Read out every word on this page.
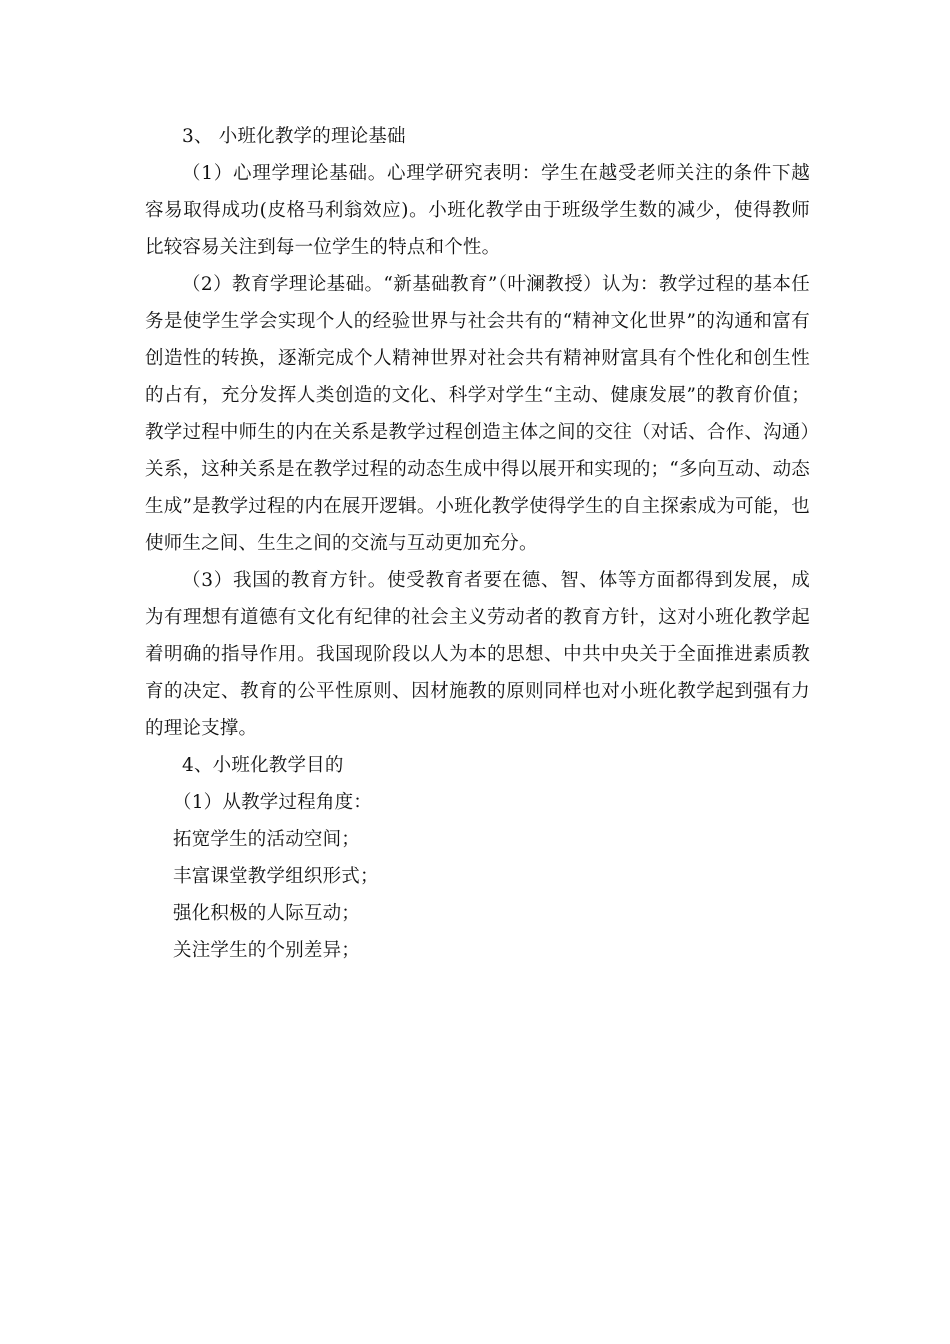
3、 小班化教学的理论基础

（1）心理学理论基础。心理学研究表明：学生在越受老师关注的条件下越容易取得成功(皮格马利翁效应)。小班化教学由于班级学生数的减少，使得教师比较容易关注到每一位学生的特点和个性。

（2）教育学理论基础。“新基础教育”（叶澜教授）认为：教学过程的基本任务是使学生学会实现个人的经验世界与社会共有的“精神文化世界”的沟通和富有创造性的转换，逐渐完成个人精神世界对社会共有精神财富具有个性化和创生性的占有，充分发挥人类创造的文化、科学对学生“主动、健康发展”的教育价值；教学过程中师生的内在关系是教学过程创造主体之间的交往（对话、合作、沟通）关系，这种关系是在教学过程的动态生成中得以展开和实现的；“多向互动、动态生成”是教学过程的内在展开逻辑。小班化教学使得学生的自主探索成为可能，也使师生之间、生生之间的交流与互动更加充分。

（3）我国的教育方针。使受教育者要在德、智、体等方面都得到发展，成为有理想有道德有文化有纪律的社会主义劳动者的教育方针，这对小班化教学起着明确的指导作用。我国现阶段以人为本的思想、中共中央关于全面推进素质教育的决定、教育的公平性原则、因材施教的原则同样也对小班化教学起到强有力的理论支撑。

4、小班化教学目的
（1）从教学过程角度：
拓宽学生的活动空间；
丰富课堂教学组织形式；
强化积极的人际互动；
关注学生的个别差异；
